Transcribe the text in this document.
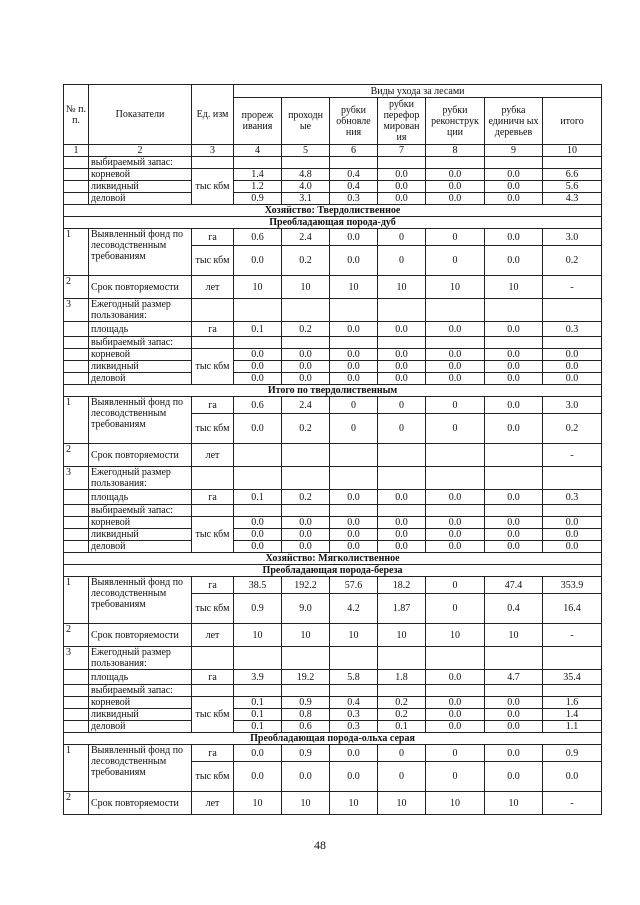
№ п. п.	Показатели	Ед. изм	Виды ухода за лесами						
			прореж ивания	проходн ые	рубки обновле ния	рубки перефор мирован ия	рубки реконструк ции	рубка единичн ых деревьев	итого
1	2	3	4	5	6	7	8	9	10
	выбираемый запас:								
	корневой	тыс кбм	1.4	4.8	0.4	0.0	0.0	0.0	6.6
	ликвидный		1.2	4.0	0.4	0.0	0.0	0.0	5.6
	деловой		0.9	3.1	0.3	0.0	0.0	0.0	4.3
Хозяйство: Твердолиственное									
Преобладающая порода-дуб									
1	Выявленный фонд по лесоводственным требованиям	га	0.6	2.4	0.0	0	0	0.0	3.0
		тыс кбм	0.0	0.2	0.0	0	0	0.0	0.2
2	Срок повторяемости	лет	10	10	10	10	10	10	-
3	Ежегодный размер пользования:								
	площадь	га	0.1	0.2	0.0	0.0	0.0	0.0	0.3
	выбираемый запас:								
	корневой	тыс кбм	0.0	0.0	0.0	0.0	0.0	0.0	0.0
	ликвидный		0.0	0.0	0.0	0.0	0.0	0.0	0.0
	деловой		0.0	0.0	0.0	0.0	0.0	0.0	0.0
Итого по твердолиственным									
1	Выявленный фонд по лесоводственным требованиям	га	0.6	2.4	0	0	0	0.0	3.0
		тыс кбм	0.0	0.2	0	0	0	0.0	0.2
2	Срок повторяемости	лет							-
3	Ежегодный размер пользования:								
	площадь	га	0.1	0.2	0.0	0.0	0.0	0.0	0.3
	выбираемый запас:								
	корневой	тыс кбм	0.0	0.0	0.0	0.0	0.0	0.0	0.0
	ликвидный		0.0	0.0	0.0	0.0	0.0	0.0	0.0
	деловой		0.0	0.0	0.0	0.0	0.0	0.0	0.0
Хозяйство: Мягколиственное									
Преобладающая порода-береза									
1	Выявленный фонд по лесоводственным требованиям	га	38.5	192.2	57.6	18.2	0	47.4	353.9
		тыс кбм	0.9	9.0	4.2	1.87	0	0.4	16.4
2	Срок повторяемости	лет	10	10	10	10	10	10	-
3	Ежегодный размер пользования:								
	площадь	га	3.9	19.2	5.8	1.8	0.0	4.7	35.4
	выбираемый запас:								
	корневой	тыс кбм	0.1	0.9	0.4	0.2	0.0	0.0	1.6
	ликвидный		0.1	0.8	0.3	0.2	0.0	0.0	1.4
	деловой		0.1	0.6	0.3	0.1	0.0	0.0	1.1
Преобладающая порода-ольха серая									
1	Выявленный фонд по лесоводственным требованиям	га	0.0	0.9	0.0	0	0	0.0	0.9
		тыс кбм	0.0	0.0	0.0	0	0	0.0	0.0
2	Срок повторяемости	лет	10	10	10	10	10	10	-
48
